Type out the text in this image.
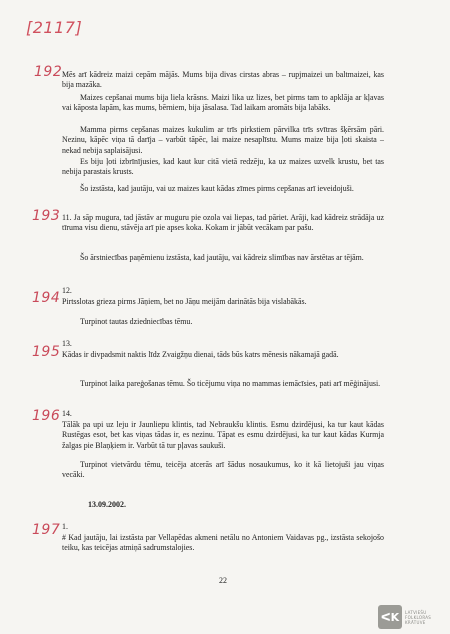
[2117]
192
193
194
195
196
197

Mēs arī kādreiz maizi cepām mājās. Mums bija divas cirstas abras – rupjmaizei un baltmaizei, kas bija mazāka.

Maizes cepšanai mums bija liela krāsns. Maizi lika uz lizes, bet pirms tam to apklāja ar kļavas vai kāposta lapām, kas mums, bērniem, bija jāsalasa. Tad laikam aromāts bija labāks.

Mamma pirms cepšanas maizes kukulim ar trīs pirkstiem pārvilka trīs svītras šķērsām pāri. Nezinu, kāpēc viņa tā darīja – varbūt tāpēc, lai maize nesaplīstu. Mums maize bija ļoti skaista – nekad nebija saplaisājusi.

Es biju ļoti izbrīnījusies, kad kaut kur citā vietā redzēju, ka uz maizes uzvelk krustu, bet tas nebija parastais krusts.

Šo izstāsta, kad jautāju, vai uz maizes kaut kādas zīmes pirms cepšanas arī ieveidojuši.

11. Ja sāp mugura, tad jāstāv ar muguru pie ozola vai liepas, tad pāriet. Arāji, kad kādreiz strādāja uz tīruma visu dienu, stāvēja arī pie apses koka. Kokam ir jābūt vecākam par pašu.

Šo ārstniecības paņēmienu izstāsta, kad jautāju, vai kādreiz slimības nav ārstētas ar tējām.

12.

Pirtsslotas grieza pirms Jāņiem, bet no Jāņu meijām darinātās bija vislabākās.

Turpinot tautas dziedniecības tēmu.

13.

Kādas ir divpadsmit naktis līdz Zvaigžņu dienai, tāds būs katrs mēnesis nākamajā gadā.

Turpinot laika pareģošanas tēmu. Šo ticējumu viņa no mammas iemācīsies, pati arī mēģinājusi.

14.

Tālāk pa upi uz leju ir Jaunliepu klintis, tad Nebraukšu klintis. Esmu dzirdējusi, ka tur kaut kādas Rustēgas esot, bet kas viņas tādas ir, es nezinu. Tāpat es esmu dzirdējusi, ka tur kaut kādas Kurmja žalgas pie Blaņķiem ir. Varbūt tā tur pļavas saukuši.

Turpinot vietvārdu tēmu, teicēja atcerās arī šādus nosaukumus, ko it kā lietojuši jau viņas vecāki.

13.09.2002.

1.

# Kad jautāju, lai izstāsta par Vellapēdas akmeni netālu no Antoniem Vaidavas pg., izstāsta sekojošo teiku, kas teicējas atmiņā sadrumstalojies.

22
ᐸK	LATVIEŠU
FOLKLORAS
KRĀTUVE
